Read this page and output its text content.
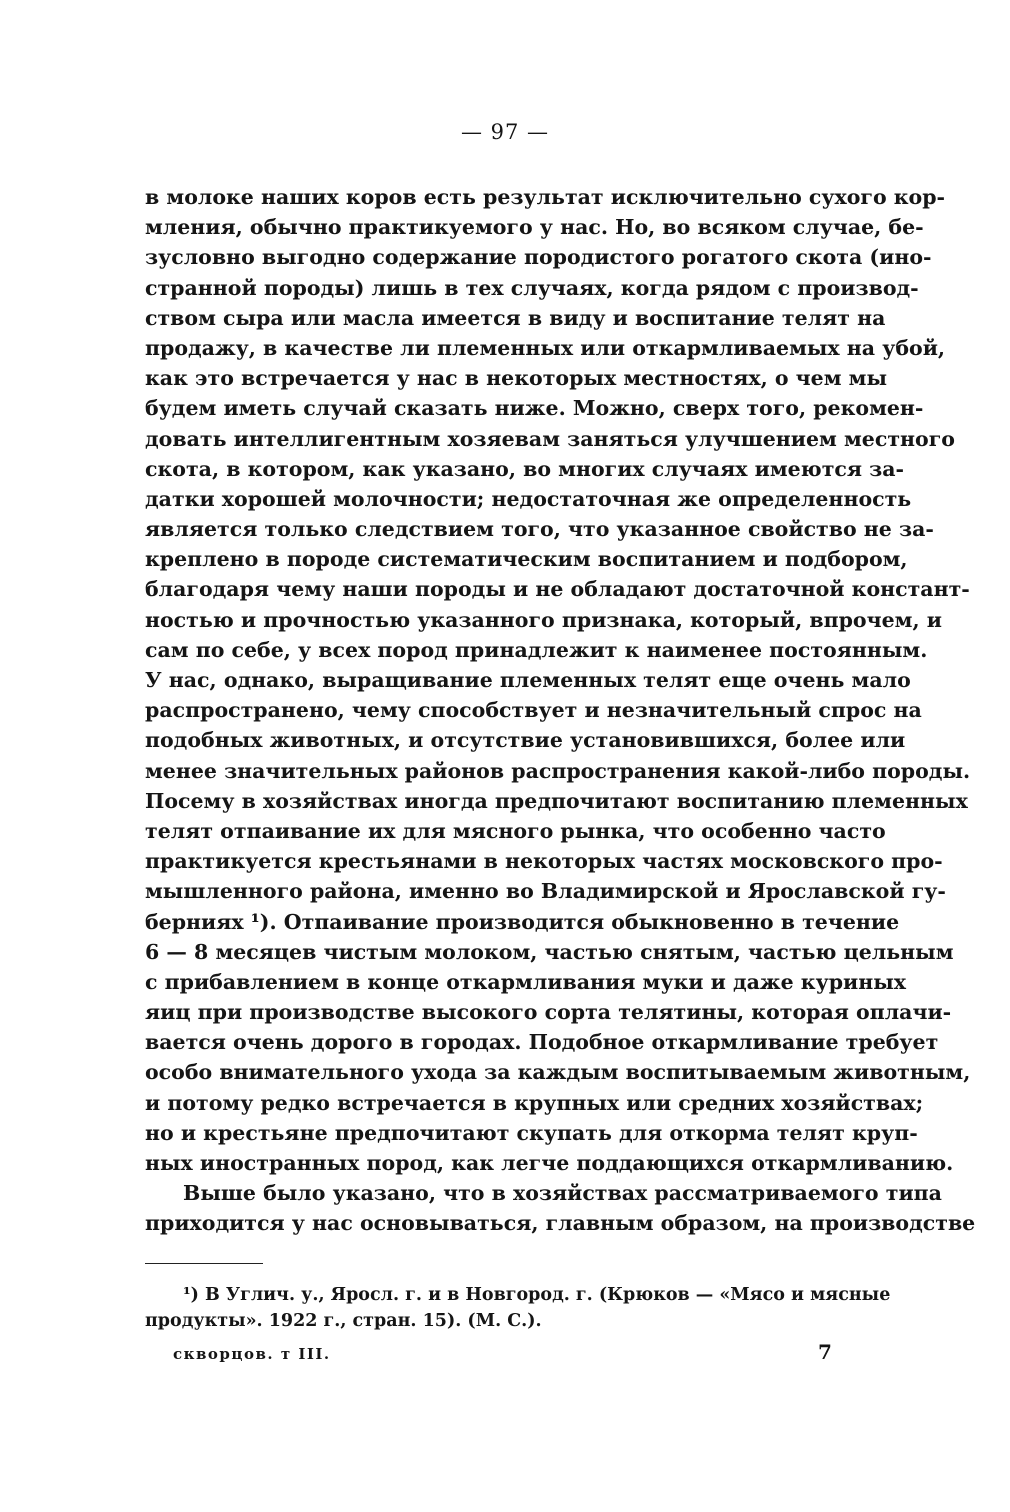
— 97 —
в молоке наших коров есть результат исключительно сухого кор-
мления, обычно практикуемого у нас. Но, во всяком случае, бе-
зусловно выгодно содержание породистого рогатого скота (ино-
странной породы) лишь в тех случаях, когда рядом с производ-
ством сыра или масла имеется в виду и воспитание телят на
продажу, в качестве ли племенных или откармливаемых на убой,
как это встречается у нас в некоторых местностях, о чем мы
будем иметь случай сказать ниже. Можно, сверх того, рекомен-
довать интеллигентным хозяевам заняться улучшением местного
скота, в котором, как указано, во многих случаях имеются за-
датки хорошей молочности; недостаточная же определенность
является только следствием того, что указанное свойство не за-
креплено в породе систематическим воспитанием и подбором,
благодаря чему наши породы и не обладают достаточной констант-
ностью и прочностью указанного признака, который, впрочем, и
сам по себе, у всех пород принадлежит к наименее постоянным.
У нас, однако, выращивание племенных телят еще очень мало
распространено, чему способствует и незначительный спрос на
подобных животных, и отсутствие установившихся, более или
менее значительных районов распространения какой-либо породы.
Посему в хозяйствах иногда предпочитают воспитанию племенных
телят отпаивание их для мясного рынка, что особенно часто
практикуется крестьянами в некоторых частях московского про-
мышленного района, именно во Владимирской и Ярославской гу-
берниях ¹). Отпаивание производится обыкновенно в течение
6 — 8 месяцев чистым молоком, частью снятым, частью цельным
с прибавлением в конце откармливания муки и даже куриных
яиц при производстве высокого сорта телятины, которая оплачи-
вается очень дорого в городах. Подобное откармливание требует
особо внимательного ухода за каждым воспитываемым животным,
и потому редко встречается в крупных или средних хозяйствах;
но и крестьяне предпочитают скупать для откорма телят круп-
ных иностранных пород, как легче поддающихся откармливанию.
Выше было указано, что в хозяйствах рассматриваемого типа
приходится у нас основываться, главным образом, на производстве
¹) В Углич. у., Яросл. г. и в Новгород. г. (Крюков — «Мясо и мясные
продукты». 1922 г., стран. 15). (М. С.).
скворцов. т III.	7
